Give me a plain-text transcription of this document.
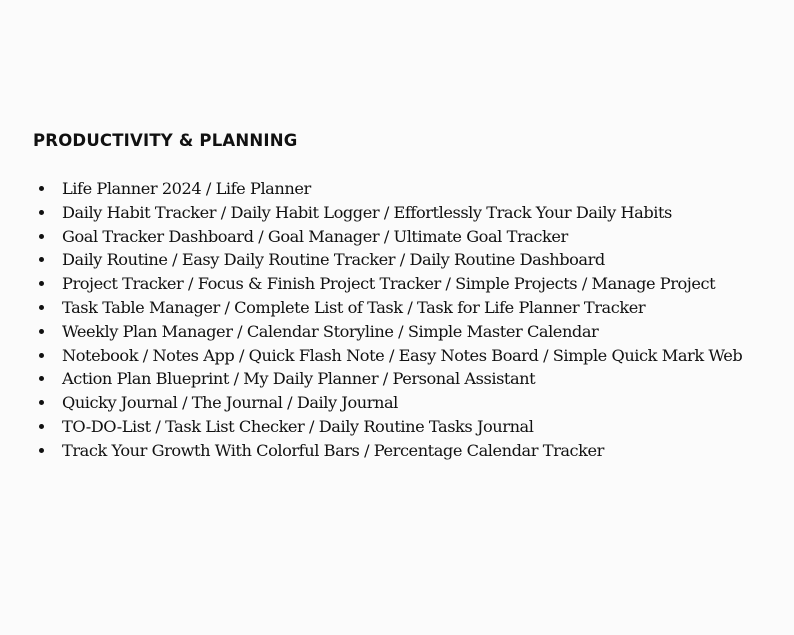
PRODUCTIVITY & PLANNING
Life Planner 2024 / Life Planner
Daily Habit Tracker / Daily Habit Logger / Effortlessly Track Your Daily Habits
Goal Tracker Dashboard / Goal Manager / Ultimate Goal Tracker
Daily Routine / Easy Daily Routine Tracker / Daily Routine Dashboard
Project Tracker / Focus & Finish Project Tracker / Simple Projects / Manage Project
Task Table Manager / Complete List of Task / Task for Life Planner Tracker
Weekly Plan Manager / Calendar Storyline / Simple Master Calendar
Notebook / Notes App / Quick Flash Note / Easy Notes Board / Simple Quick Mark Web
Action Plan Blueprint / My Daily Planner / Personal Assistant
Quicky Journal / The Journal / Daily Journal
TO-DO-List / Task List Checker / Daily Routine Tasks Journal
Track Your Growth With Colorful Bars / Percentage Calendar Tracker
